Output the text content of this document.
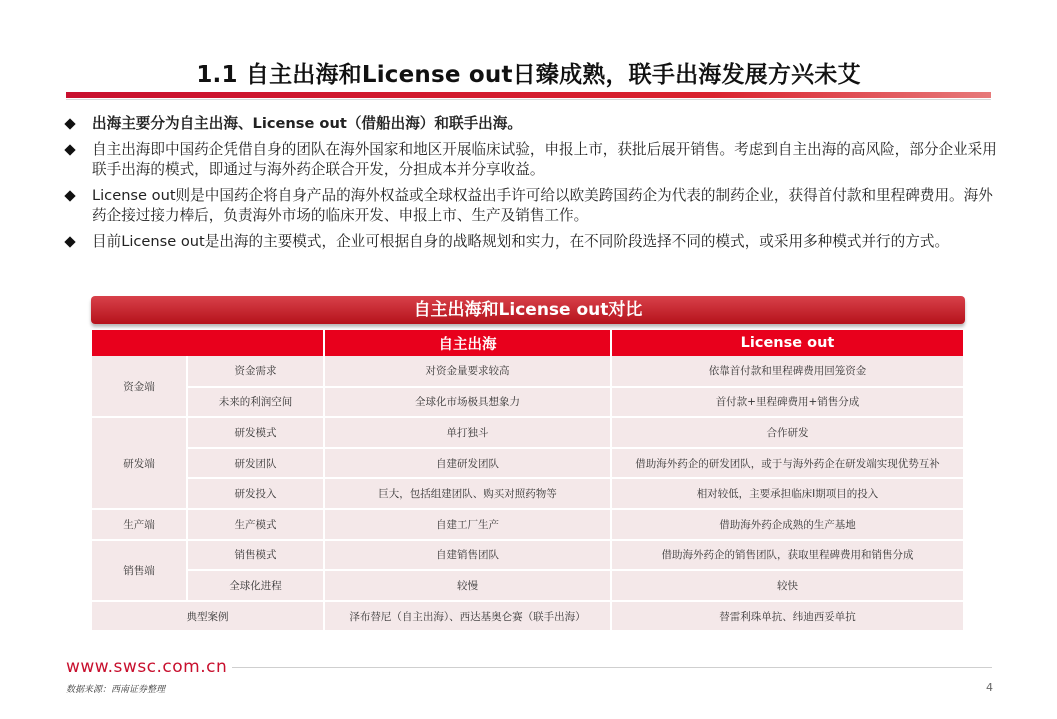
1.1 自主出海和License out日臻成熟，联手出海发展方兴未艾
出海主要分为自主出海、License out（借船出海）和联手出海。
自主出海即中国药企凭借自身的团队在海外国家和地区开展临床试验，申报上市，获批后展开销售。考虑到自主出海的高风险，部分企业采用联手出海的模式，即通过与海外药企联合开发，分担成本并分享收益。
License out则是中国药企将自身产品的海外权益或全球权益出手许可给以欧美跨国药企为代表的制药企业，获得首付款和里程碑费用。海外药企接过接力棒后，负责海外市场的临床开发、申报上市、生产及销售工作。
目前License out是出海的主要模式，企业可根据自身的战略规划和实力，在不同阶段选择不同的模式，或采用多种模式并行的方式。
自主出海和License out对比
		自主出海	License out
资金端	资金需求	对资金量要求较高	依靠首付款和里程碑费用回笼资金
	未来的利润空间	全球化市场极具想象力	首付款+里程碑费用+销售分成
研发端	研发模式	单打独斗	合作研发
	研发团队	自建研发团队	借助海外药企的研发团队，或于与海外药企在研发端实现优势互补
	研发投入	巨大，包括组建团队、购买对照药物等	相对较低，主要承担临床Ⅰ期项目的投入
生产端	生产模式	自建工厂生产	借助海外药企成熟的生产基地
销售端	销售模式	自建销售团队	借助海外药企的销售团队，获取里程碑费用和销售分成
	全球化进程	较慢	较快
典型案例		泽布替尼（自主出海）、西达基奥仑赛（联手出海）	替雷利珠单抗、纬迪西妥单抗
www.swsc.com.cn
数据来源：西南证券整理	4
